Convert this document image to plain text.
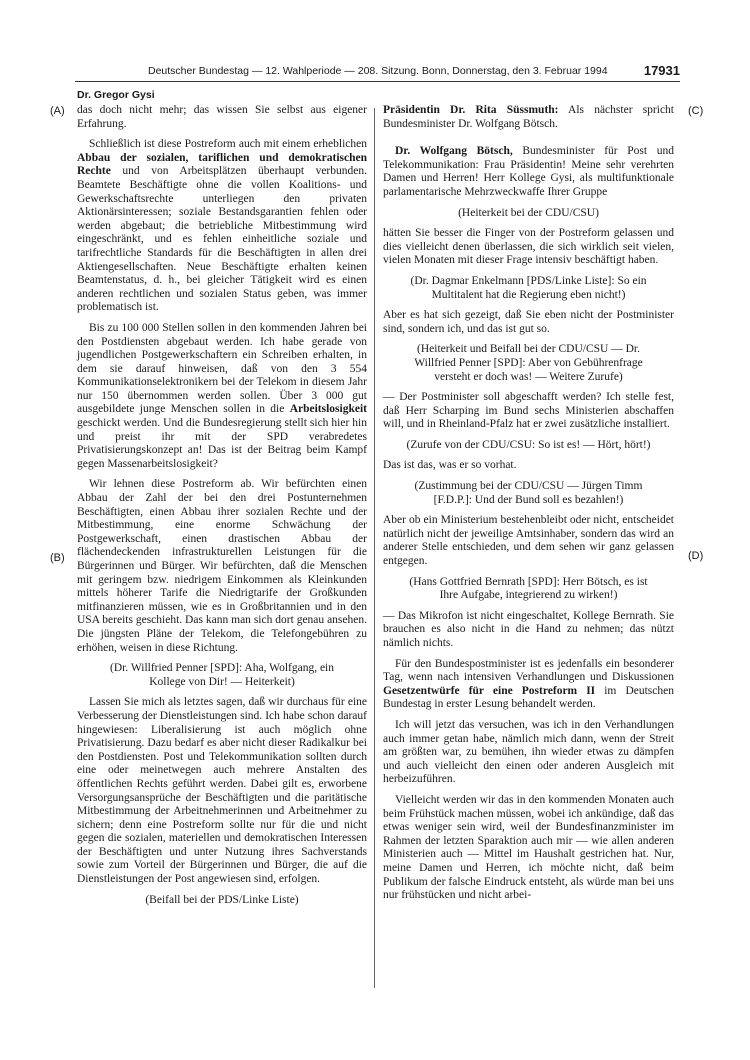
Deutscher Bundestag — 12. Wahlperiode — 208. Sitzung. Bonn, Donnerstag, den 3. Februar 1994	17931
Dr. Gregor Gysi
(A)
(B)
(C)
(D)

das doch nicht mehr; das wissen Sie selbst aus eigener Erfahrung.

Schließlich ist diese Postreform auch mit einem erheblichen Abbau der sozialen, tariflichen und demokratischen Rechte und von Arbeitsplätzen überhaupt verbunden. Beamtete Beschäftigte ohne die vollen Koalitions- und Gewerkschaftsrechte unterliegen den privaten Aktionärsinteressen; soziale Bestandsgarantien fehlen oder werden abgebaut; die betriebliche Mitbestimmung wird eingeschränkt, und es fehlen einheitliche soziale und tarifrechtliche Standards für die Beschäftigten in allen drei Aktiengesellschaften. Neue Beschäftigte erhalten keinen Beamtenstatus, d. h., bei gleicher Tätigkeit wird es einen anderen rechtlichen und sozialen Status geben, was immer problematisch ist.

Bis zu 100 000 Stellen sollen in den kommenden Jahren bei den Postdiensten abgebaut werden. Ich habe gerade von jugendlichen Postgewerkschaftern ein Schreiben erhalten, in dem sie darauf hinweisen, daß von den 3 554 Kommunikationselektronikern bei der Telekom in diesem Jahr nur 150 übernommen werden sollen. Über 3 000 gut ausgebildete junge Menschen sollen in die Arbeitslosigkeit geschickt werden. Und die Bundesregierung stellt sich hier hin und preist ihr mit der SPD verabredetes Privatisierungskonzept an! Das ist der Beitrag beim Kampf gegen Massenarbeitslosigkeit?

Wir lehnen diese Postreform ab. Wir befürchten einen Abbau der Zahl der bei den drei Postunternehmen Beschäftigten, einen Abbau ihrer sozialen Rechte und der Mitbestimmung, eine enorme Schwächung der Postgewerkschaft, einen drastischen Abbau der flächendeckenden infrastrukturellen Leistungen für die Bürgerinnen und Bürger. Wir befürchten, daß die Menschen mit geringem bzw. niedrigem Einkommen als Kleinkunden mittels höherer Tarife die Niedrigtarife der Großkunden mitfinanzieren müssen, wie es in Großbritannien und in den USA bereits geschieht. Das kann man sich dort genau ansehen. Die jüngsten Pläne der Telekom, die Telefongebühren zu erhöhen, weisen in diese Richtung.

(Dr. Willfried Penner [SPD]: Aha, Wolfgang, ein Kollege von Dir! — Heiterkeit)

Lassen Sie mich als letztes sagen, daß wir durchaus für eine Verbesserung der Dienstleistungen sind. Ich habe schon darauf hingewiesen: Liberalisierung ist auch möglich ohne Privatisierung. Dazu bedarf es aber nicht dieser Radikalkur bei den Postdiensten. Post und Telekommunikation sollten durch eine oder meinetwegen auch mehrere Anstalten des öffentlichen Rechts geführt werden. Dabei gilt es, erworbene Versorgungsansprüche der Beschäftigten und die paritätische Mitbestimmung der Arbeitnehmerinnen und Arbeitnehmer zu sichern; denn eine Postreform sollte nur für die und nicht gegen die sozialen, materiellen und demokratischen Interessen der Beschäftigten und unter Nutzung ihres Sachverstands sowie zum Vorteil der Bürgerinnen und Bürger, die auf die Dienstleistungen der Post angewiesen sind, erfolgen.

(Beifall bei der PDS/Linke Liste)

Präsidentin Dr. Rita Süssmuth: Als nächster spricht Bundesminister Dr. Wolfgang Bötsch.

Dr. Wolfgang Bötsch, Bundesminister für Post und Telekommunikation: Frau Präsidentin! Meine sehr verehrten Damen und Herren! Herr Kollege Gysi, als multifunktionale parlamentarische Mehrzweckwaffe Ihrer Gruppe

(Heiterkeit bei der CDU/CSU)

hätten Sie besser die Finger von der Postreform gelassen und dies vielleicht denen überlassen, die sich wirklich seit vielen, vielen Monaten mit dieser Frage intensiv beschäftigt haben.

(Dr. Dagmar Enkelmann [PDS/Linke Liste]: So ein Multitalent hat die Regierung eben nicht!)

Aber es hat sich gezeigt, daß Sie eben nicht der Postminister sind, sondern ich, und das ist gut so.

(Heiterkeit und Beifall bei der CDU/CSU — Dr. Willfried Penner [SPD]: Aber von Gebührenfrage versteht er doch was! — Weitere Zurufe)

— Der Postminister soll abgeschafft werden? Ich stelle fest, daß Herr Scharping im Bund sechs Ministerien abschaffen will, und in Rheinland-Pfalz hat er zwei zusätzliche installiert.

(Zurufe von der CDU/CSU: So ist es! — Hört, hört!)

Das ist das, was er so vorhat.

(Zustimmung bei der CDU/CSU — Jürgen Timm [F.D.P.]: Und der Bund soll es bezahlen!)

Aber ob ein Ministerium bestehenbleibt oder nicht, entscheidet natürlich nicht der jeweilige Amtsinhaber, sondern das wird an anderer Stelle entschieden, und dem sehen wir ganz gelassen entgegen.

(Hans Gottfried Bernrath [SPD]: Herr Bötsch, es ist Ihre Aufgabe, integrierend zu wirken!)

— Das Mikrofon ist nicht eingeschaltet, Kollege Bernrath. Sie brauchen es also nicht in die Hand zu nehmen; das nützt nämlich nichts.

Für den Bundespostminister ist es jedenfalls ein besonderer Tag, wenn nach intensiven Verhandlungen und Diskussionen Gesetzentwürfe für eine Postreform II im Deutschen Bundestag in erster Lesung behandelt werden.

Ich will jetzt das versuchen, was ich in den Verhandlungen auch immer getan habe, nämlich mich dann, wenn der Streit am größten war, zu bemühen, ihn wieder etwas zu dämpfen und auch vielleicht den einen oder anderen Ausgleich mit herbeizuführen.

Vielleicht werden wir das in den kommenden Monaten auch beim Frühstück machen müssen, wobei ich ankündige, daß das etwas weniger sein wird, weil der Bundesfinanzminister im Rahmen der letzten Sparaktion auch mir — wie allen anderen Ministerien auch — Mittel im Haushalt gestrichen hat. Nur, meine Damen und Herren, ich möchte nicht, daß beim Publikum der falsche Eindruck entsteht, als würde man bei uns nur frühstücken und nicht arbei-
